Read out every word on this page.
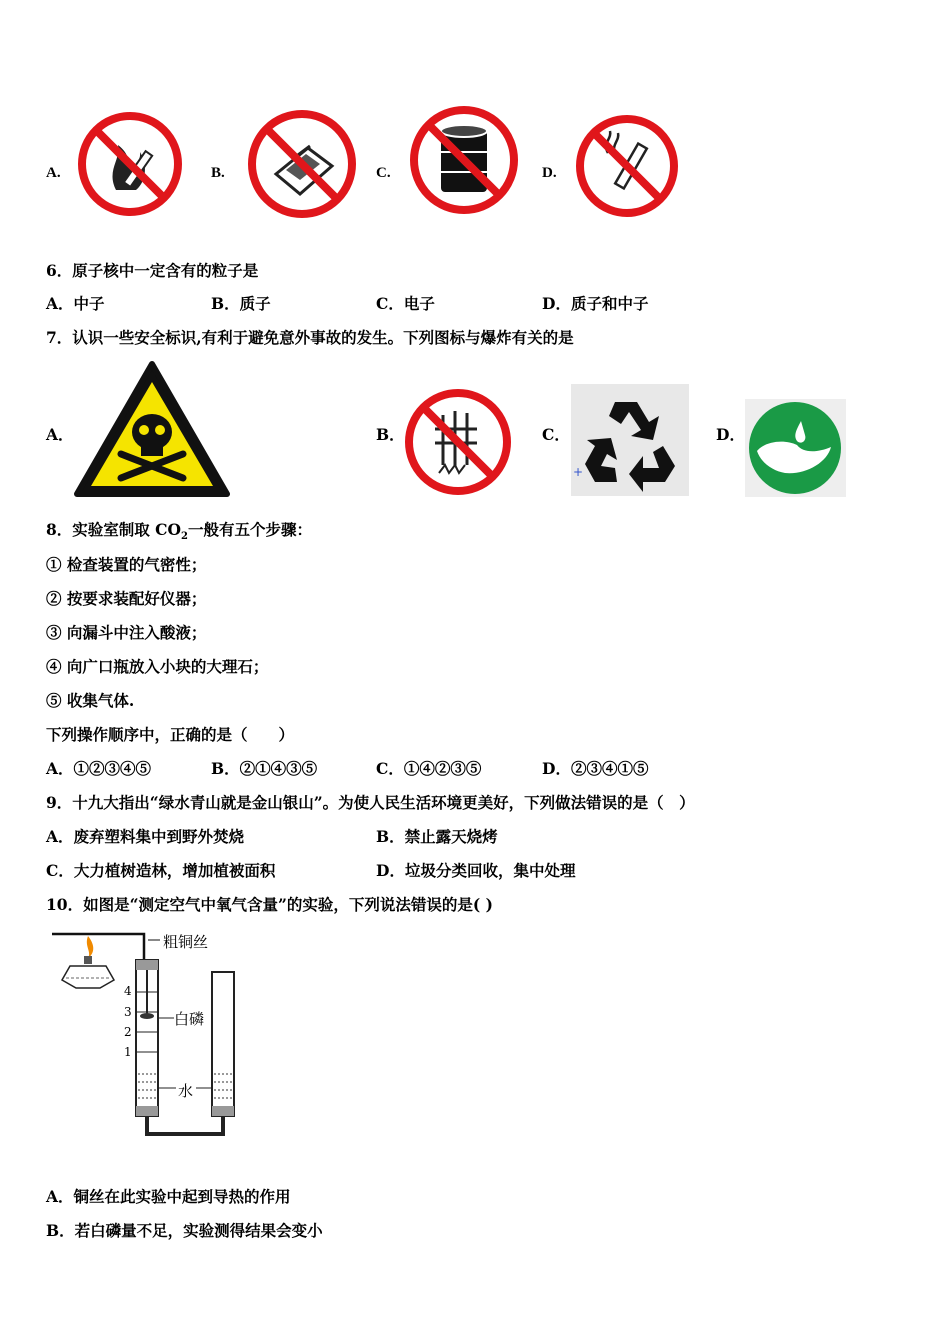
A.	B.	C.	D.
6．原子核中一定含有的粒子是
A．中子	B．质子	C．电子	D．质子和中子
7．认识一些安全标识,有利于避免意外事故的发生。下列图标与爆炸有关的是
A．	B．	C．
+
D．
8．实验室制取 $CO_2$一般有五个步骤：
① 检查装置的气密性；
② 按要求装配好仪器；
③ 向漏斗中注入酸液；
④ 向广口瓶放入小块的大理石；
⑤ 收集气体.
下列操作顺序中，正确的是（　　）
A．①②③④⑤	B．②①④③⑤	C．①④②③⑤	D．②③④①⑤
9．十九大指出“绿水青山就是金山银山”。为使人民生活环境更美好，下列做法错误的是（　）
A．废弃塑料集中到野外焚烧	B．禁止露天烧烤
C．大力植树造林，增加植被面积	D．垃圾分类回收，集中处理
10．如图是“测定空气中氧气含量”的实验，下列说法错误的是( )
粗铜丝
白磷
水
4
3
2
1
A．铜丝在此实验中起到导热的作用
B．若白磷量不足，实验测得结果会变小
